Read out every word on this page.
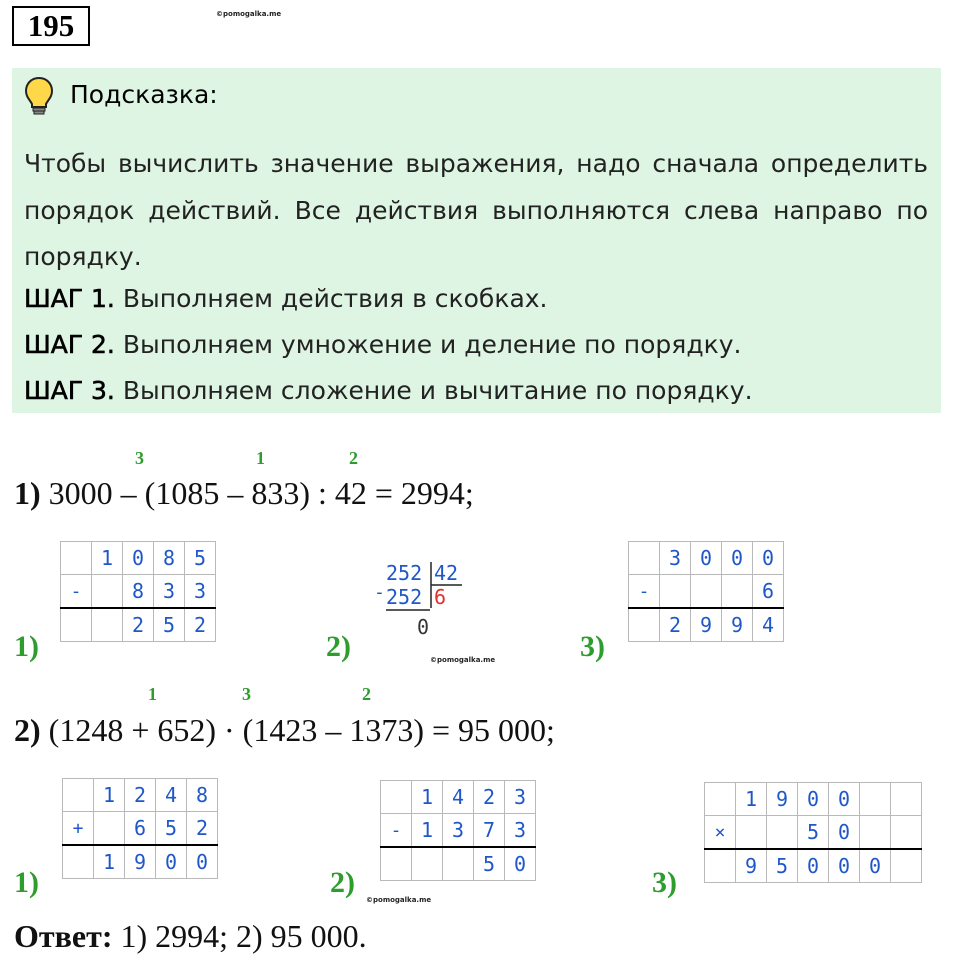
195	©pomogalka.me
Подсказка:
Чтобы вычислить значение выражения, надо сначала определить порядок действий. Все действия выполняются слева направо по порядку.
ШАГ 1. Выполняем действия в скобках.
ШАГ 2. Выполняем умножение и деление по порядку.
ШАГ 3. Выполняем сложение и вычитание по порядку.
3	1	2
1) 3000 – (1085 – 833) : 42 = 2994;
1)
	1	0	8	5
-		8	3	3
		2	5	2
2)
252 42
- 252 6
0
©pomogalka.me	3)
	3	0	0	0
-				6
	2	9	9	4
1	3	2
2) (1248 + 652) · (1423 – 1373) = 95 000;
1)
	1	2	4	8
+		6	5	2
	1	9	0	0
2)
	1	4	2	3
-	1	3	7	3
			5	0
©pomogalka.me
3)
	1	9	0	0		
×			5	0		
	9	5	0	0	0	
Ответ: 1) 2994; 2) 95 000.
